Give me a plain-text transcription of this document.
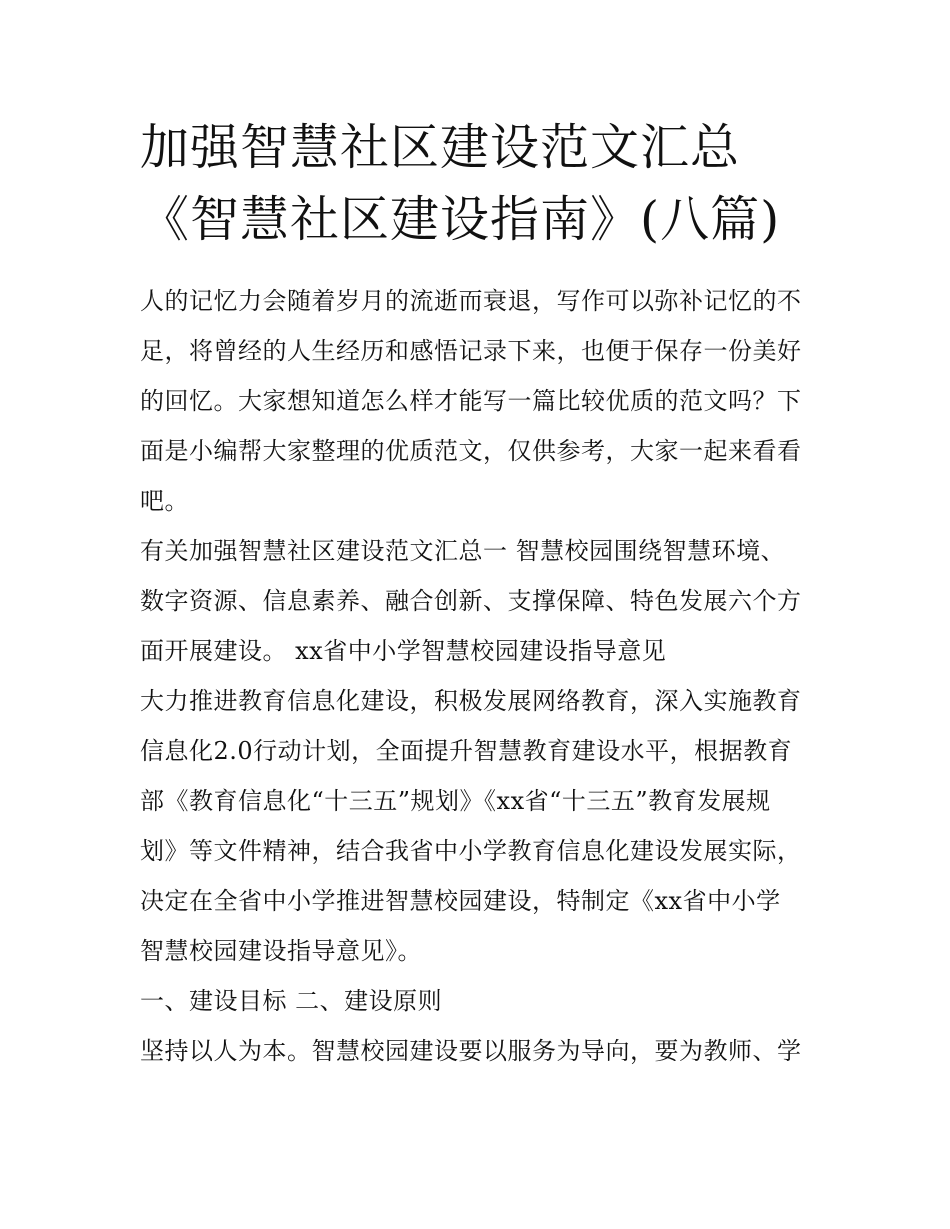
加强智慧社区建设范文汇总
《智慧社区建设指南》(八篇)

人的记忆力会随着岁月的流逝而衰退，写作可以弥补记忆的不
足，将曾经的人生经历和感悟记录下来，也便于保存一份美好
的回忆。大家想知道怎么样才能写一篇比较优质的范文吗？下
面是小编帮大家整理的优质范文，仅供参考，大家一起来看看
吧。

有关加强智慧社区建设范文汇总一 智慧校园围绕智慧环境、
数字资源、信息素养、融合创新、支撑保障、特色发展六个方
面开展建设。 xx省中小学智慧校园建设指导意见

大力推进教育信息化建设，积极发展网络教育，深入实施教育
信息化2.0行动计划，全面提升智慧教育建设水平，根据教育
部《教育信息化“十三五”规划》《xx省“十三五”教育发展规
划》等文件精神，结合我省中小学教育信息化建设发展实际，
决定在全省中小学推进智慧校园建设，特制定《xx省中小学
智慧校园建设指导意见》。

一、建设目标 二、建设原则

坚持以人为本。智慧校园建设要以服务为导向，要为教师、学
